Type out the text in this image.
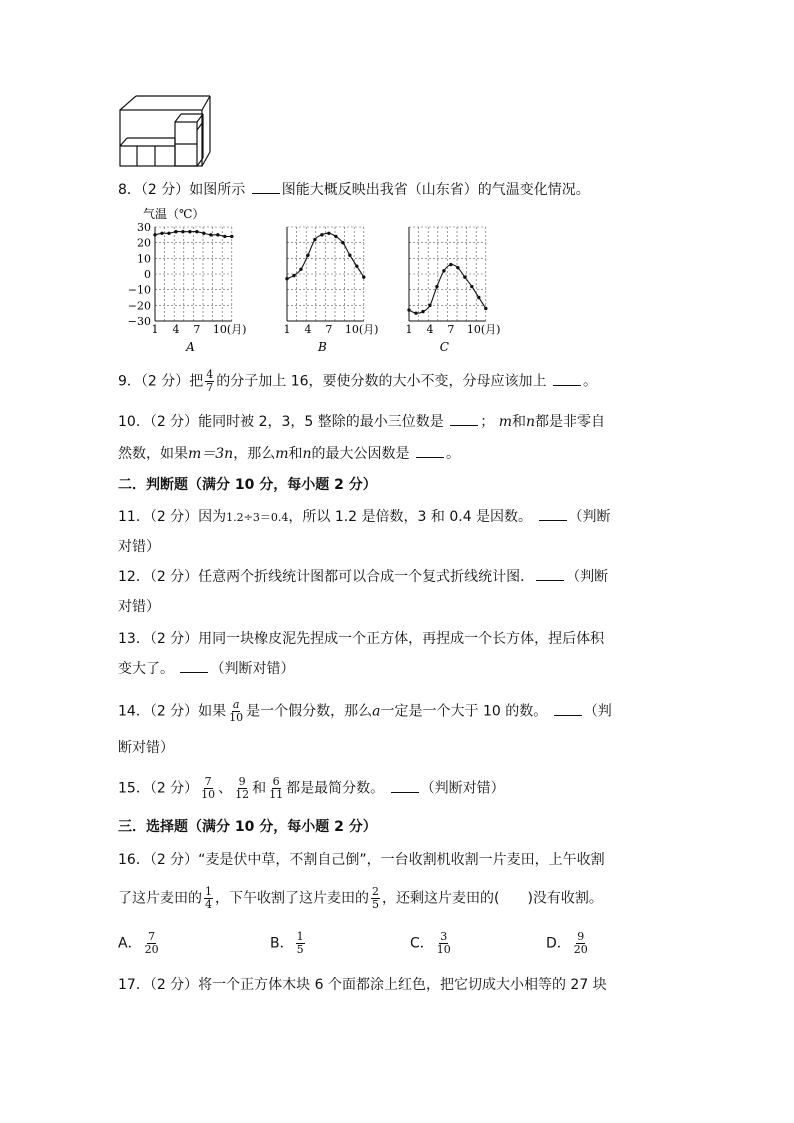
8．（2 分）如图所示 图能大概反映出我省（山东省）的气温变化情况。
气温（℃）
30
20
10
0
−10
−20
−30
1 4 7 10(月)
A
1 4 7 10(月)
B
1 4 7 10(月)
C
9．（2 分）把 $\frac{4}{7}$ 的分子加上 16，要使分数的大小不变，分母应该加上 。
10．（2 分）能同时被 2，3，5 整除的最小三位数是 ； m和n都是非零自
然数，如果m＝3n，那么m和n的最大公因数是 。
二．判断题（满分 10 分，每小题 2 分）
11．（2 分）因为1.2÷3＝0.4，所以 1.2 是倍数，3 和 0.4 是因数。 （判断
对错）
12．（2 分）任意两个折线统计图都可以合成一个复式折线统计图． （判断
对错）
13．（2 分）用同一块橡皮泥先捏成一个正方体，再捏成一个长方体，捏后体积
变大了。 （判断对错）
14．（2 分）如果 $\frac{a}{10}$ 是一个假分数，那么a一定是一个大于 10 的数。 （判
断对错）
15．（2 分） $\frac{7}{10}$ 、 $\frac{9}{12}$ 和 $\frac{6}{11}$ 都是最简分数。 （判断对错）
三．选择题（满分 10 分，每小题 2 分）
16．（2 分）“麦是伏中草，不割自己倒”，一台收割机收割一片麦田，上午收割
了这片麦田的 $\frac{1}{4}$ ，下午收割了这片麦田的 $\frac{2}{5}$ ，还剩这片麦田的(　　)没有收割。
A． $\frac{7}{20}$	B． $\frac{1}{5}$	C． $\frac{3}{10}$	D． $\frac{9}{20}$
17．（2 分）将一个正方体木块 6 个面都涂上红色，把它切成大小相等的 27 块
